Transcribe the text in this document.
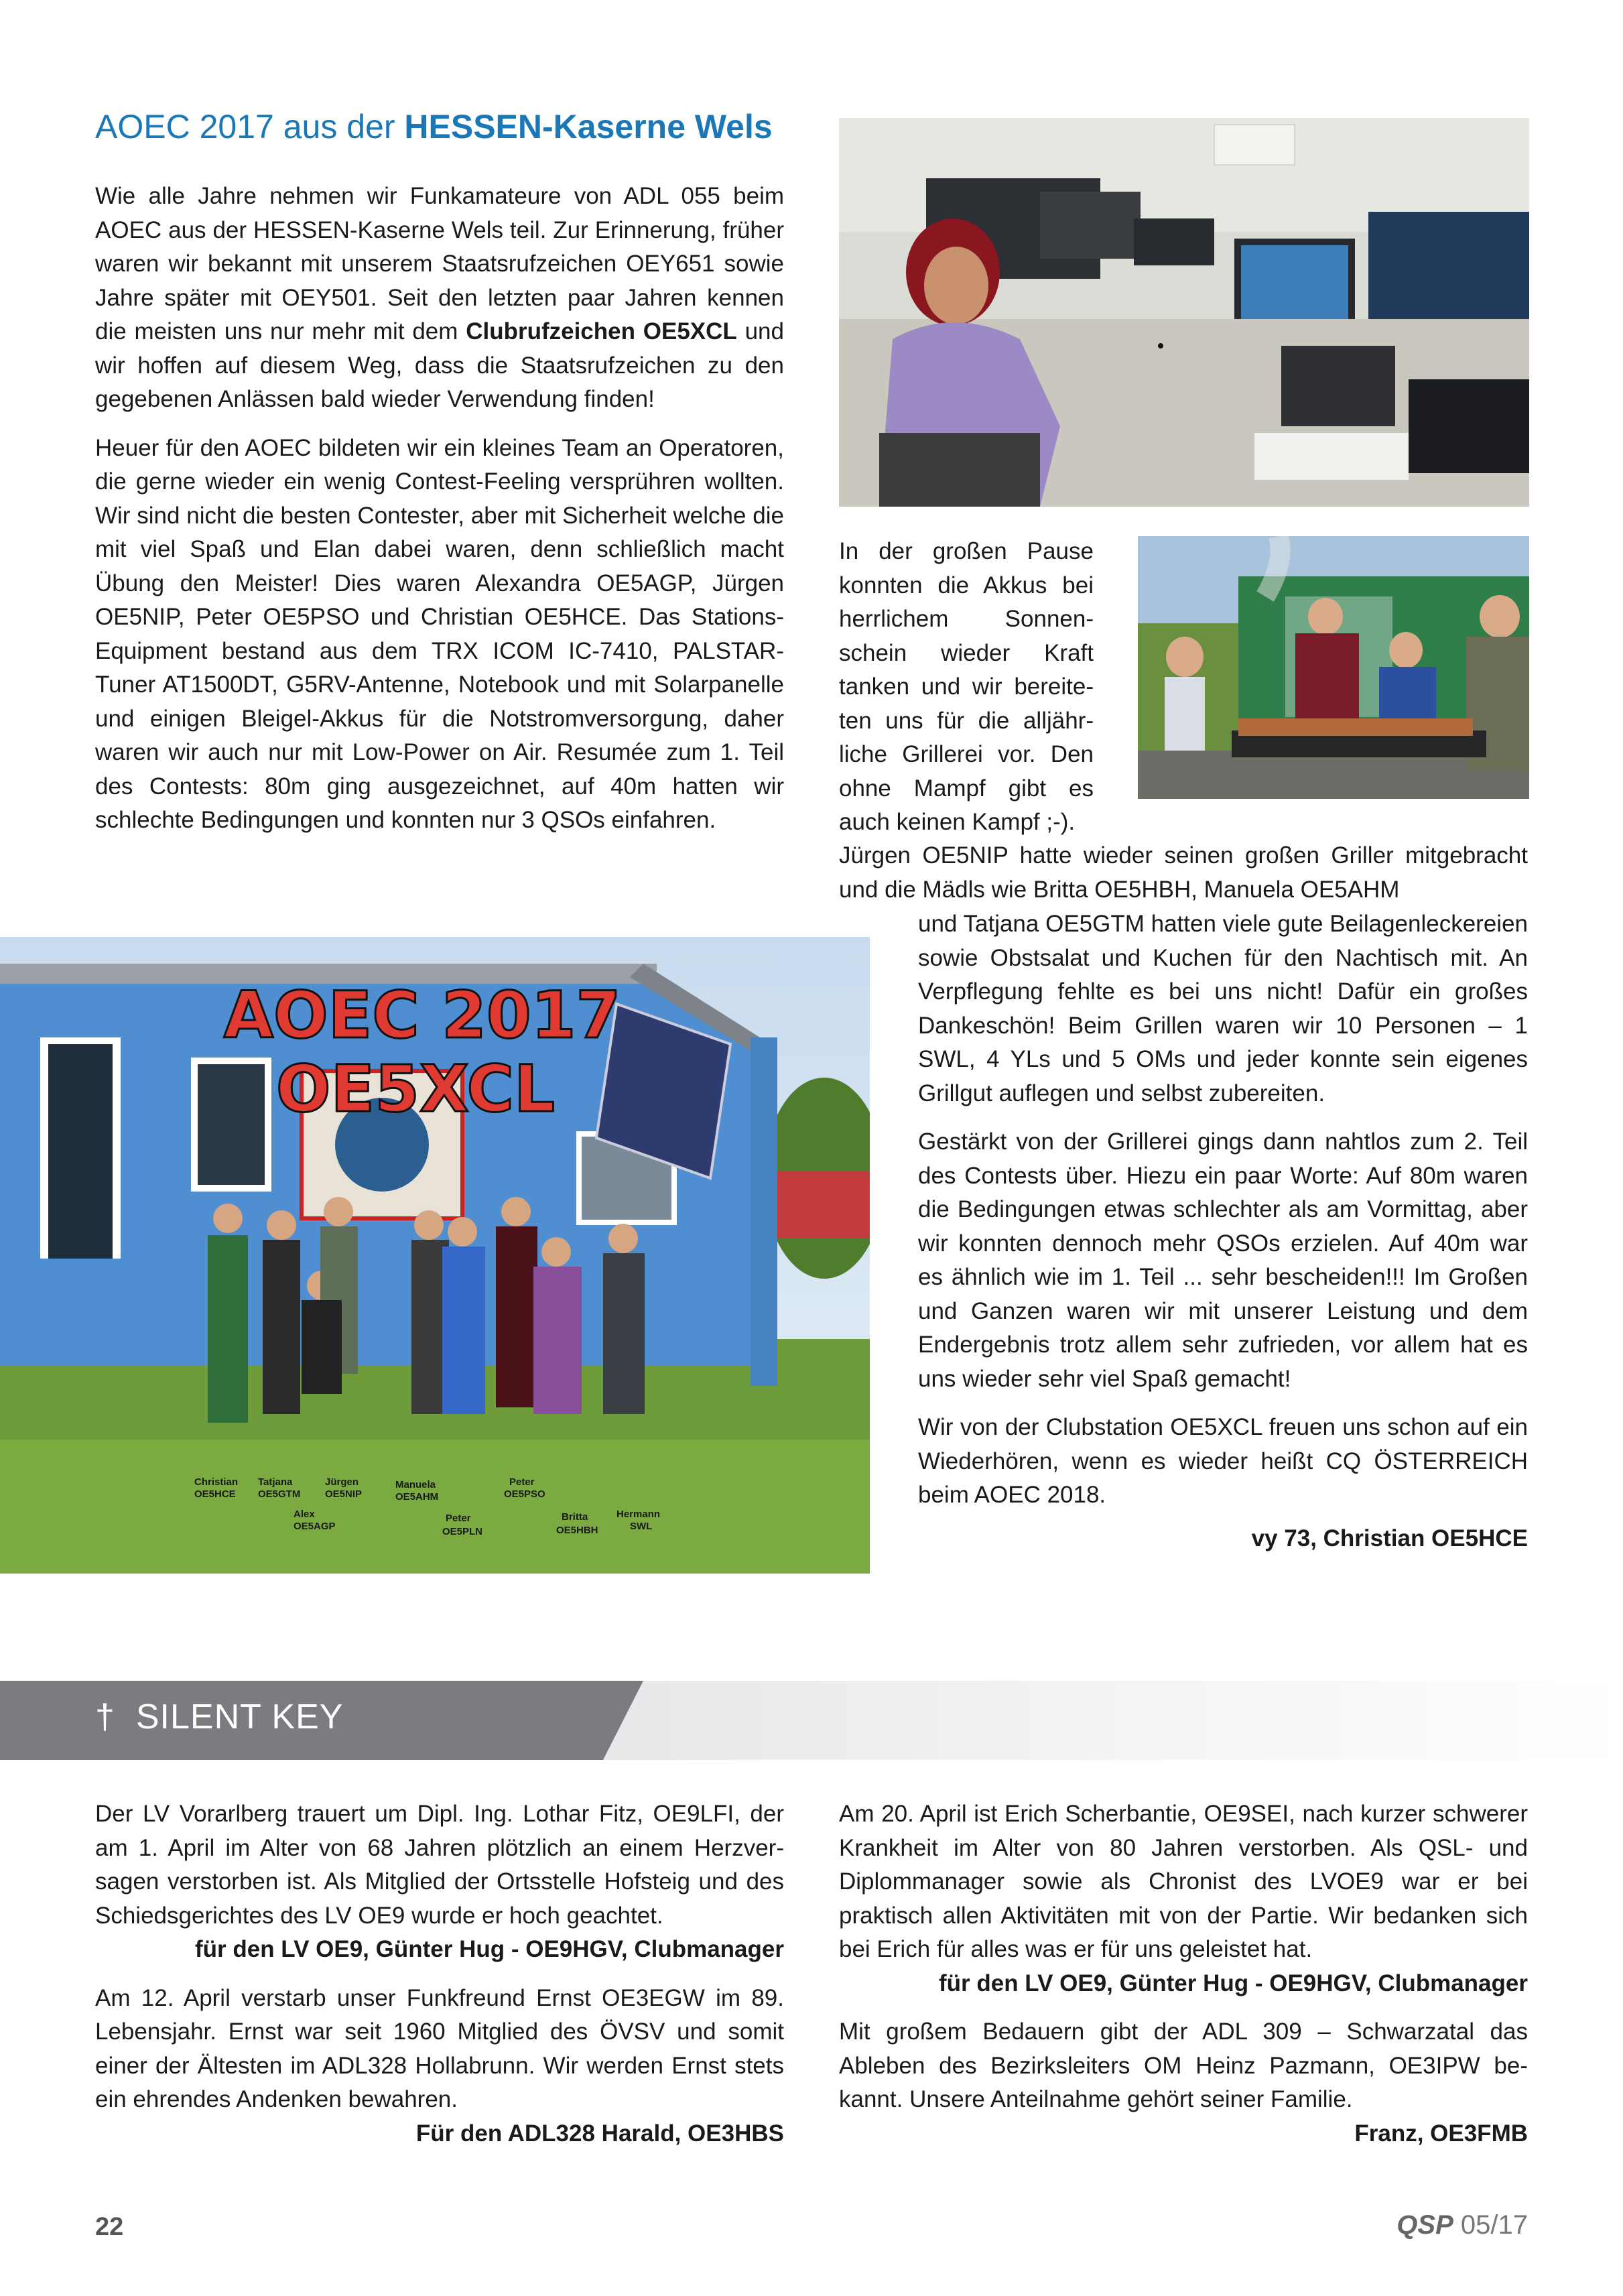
AOEC 2017 aus der HESSEN-Kaserne Wels

Wie alle Jahre nehmen wir Funkamateure von ADL 055 beim AOEC aus der HESSEN-Kaserne Wels teil. Zur Erinnerung, früher waren wir bekannt mit unserem Staatsrufzeichen OEY651 sowie Jahre später mit OEY501. Seit den letzten paar Jahren kennen die meisten uns nur mehr mit dem Clubrufzeichen OE5XCL und wir hoffen auf diesem Weg, dass die Staatsrufzeichen zu den gegebenen Anlässen bald wieder Verwendung finden!

Heuer für den AOEC bildeten wir ein kleines Team an Operatoren, die gerne wieder ein wenig Contest-Feeling versprühren wollten. Wir sind nicht die besten Contester, aber mit Sicherheit welche die mit viel Spaß und Elan dabei waren, denn schließlich macht Übung den Meister! Dies waren Alexandra OE5AGP, Jürgen OE5NIP, Peter OE5PSO und Christian OE5HCE. Das Stations-Equipment bestand aus dem TRX ICOM IC-7410, PALSTAR-Tuner AT1500DT, G5RV-Antenne, Notebook und mit Solarpanelle und einigen Bleigel-Akkus für die Notstromversorgung, daher waren wir auch nur mit Low-Power on Air. Resumée zum 1. Teil des Contests: 80m ging ausgezeichnet, auf 40m hatten wir schlechte Bedingungen und konnten nur 3 QSOs einfahren.

In der großen Pause konnten die Akkus bei herrlichem Sonnenschein wieder Kraft tanken und wir bereiteten uns für die alljährliche Grillerei vor. Den ohne Mampf gibt es auch keinen Kampf ;-).
Jürgen OE5NIP hatte wieder seinen großen Griller mitgebracht und die Mädls wie Britta OE5HBH, Manuela OE5AHM

und Tatjana OE5GTM hatten viele gute Beilagenleckereien sowie Obstsalat und Kuchen für den Nachtisch mit. An Verpflegung fehlte es bei uns nicht! Dafür ein großes Dankeschön! Beim Grillen waren wir 10 Personen – 1 SWL, 4 YLs und 5 OMs und jeder konnte sein eigenes Grillgut auflegen und selbst zubereiten.

Gestärkt von der Grillerei gings dann nahtlos zum 2. Teil des Contests über. Hiezu ein paar Worte: Auf 80m waren die Bedingungen etwas schlechter als am Vormittag, aber wir konnten dennoch mehr QSOs erzielen. Auf 40m war es ähnlich wie im 1. Teil ... sehr bescheiden!!! Im Großen und Ganzen waren wir mit unserer Leistung und dem Endergebnis trotz allem sehr zufrieden, vor allem hat es uns wieder sehr viel Spaß gemacht!

Wir von der Clubstation OE5XCL freuen uns schon auf ein Wiederhören, wenn es wieder heißt CQ ÖSTERREICH beim AOEC 2018.

vy 73, Christian OE5HCE

AOEC 2017
OE5XCL
Christian
OE5HCE
Tatjana
OE5GTM
Jürgen
OE5NIP
Alex
OE5AGP
Manuela
OE5AHM
Peter
OE5PLN
Peter
OE5PSO
Britta
OE5HBH
Hermann
SWL
† SILENT KEY

Der LV Vorarlberg trauert um Dipl. Ing. Lothar Fitz, OE9LFI, der am 1. April im Alter von 68 Jahren plötzlich an einem Herzversagen verstorben ist. Als Mitglied der Ortsstelle Hofsteig und des Schiedsgerichtes des LV OE9 wurde er hoch geachtet.

für den LV OE9, Günter Hug - OE9HGV, Clubmanager

Am 12. April verstarb unser Funkfreund Ernst OE3EGW im 89. Lebensjahr. Ernst war seit 1960 Mitglied des ÖVSV und somit einer der Ältesten im ADL328 Hollabrunn. Wir werden Ernst stets ein ehrendes Andenken bewahren.

Für den ADL328 Harald, OE3HBS

Am 20. April ist Erich Scherbantie, OE9SEI, nach kurzer schwerer Krankheit im Alter von 80 Jahren verstorben. Als QSL- und Diplommanager sowie als Chronist des LVOE9 war er bei praktisch allen Aktivitäten mit von der Partie. Wir bedanken sich bei Erich für alles was er für uns geleistet hat.

für den LV OE9, Günter Hug - OE9HGV, Clubmanager

Mit großem Bedauern gibt der ADL 309 – Schwarzatal das Ableben des Bezirksleiters OM Heinz Pazmann, OE3IPW bekannt. Unsere Anteilnahme gehört seiner Familie.

Franz, OE3FMB

22	QSP 05/17
